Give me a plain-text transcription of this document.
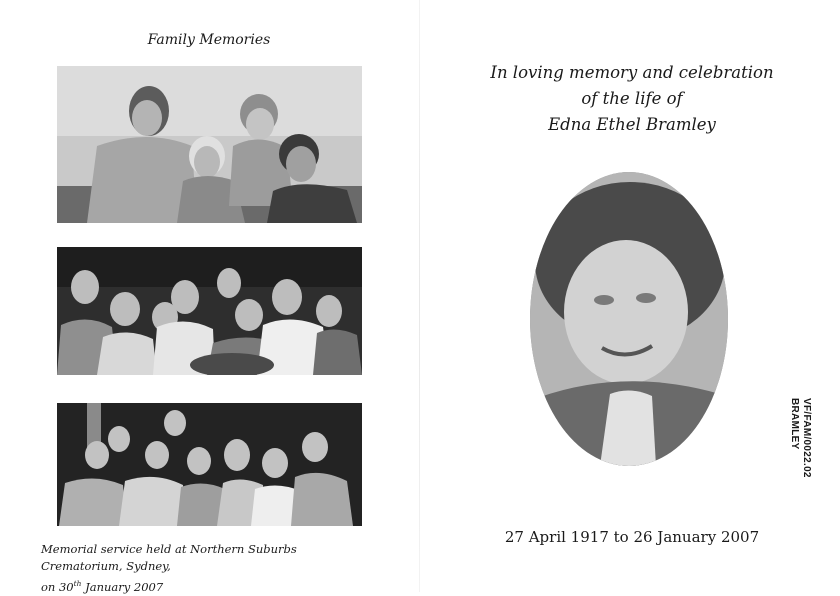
Family Memories
Memorial service held at Northern Suburbs Crematorium, Sydney,
on 30th January 2007
In loving memory and celebration
of the life of
Edna Ethel Bramley
27 April 1917 to 26 January 2007
VF/FAM/0022.02
BRAMLEY
